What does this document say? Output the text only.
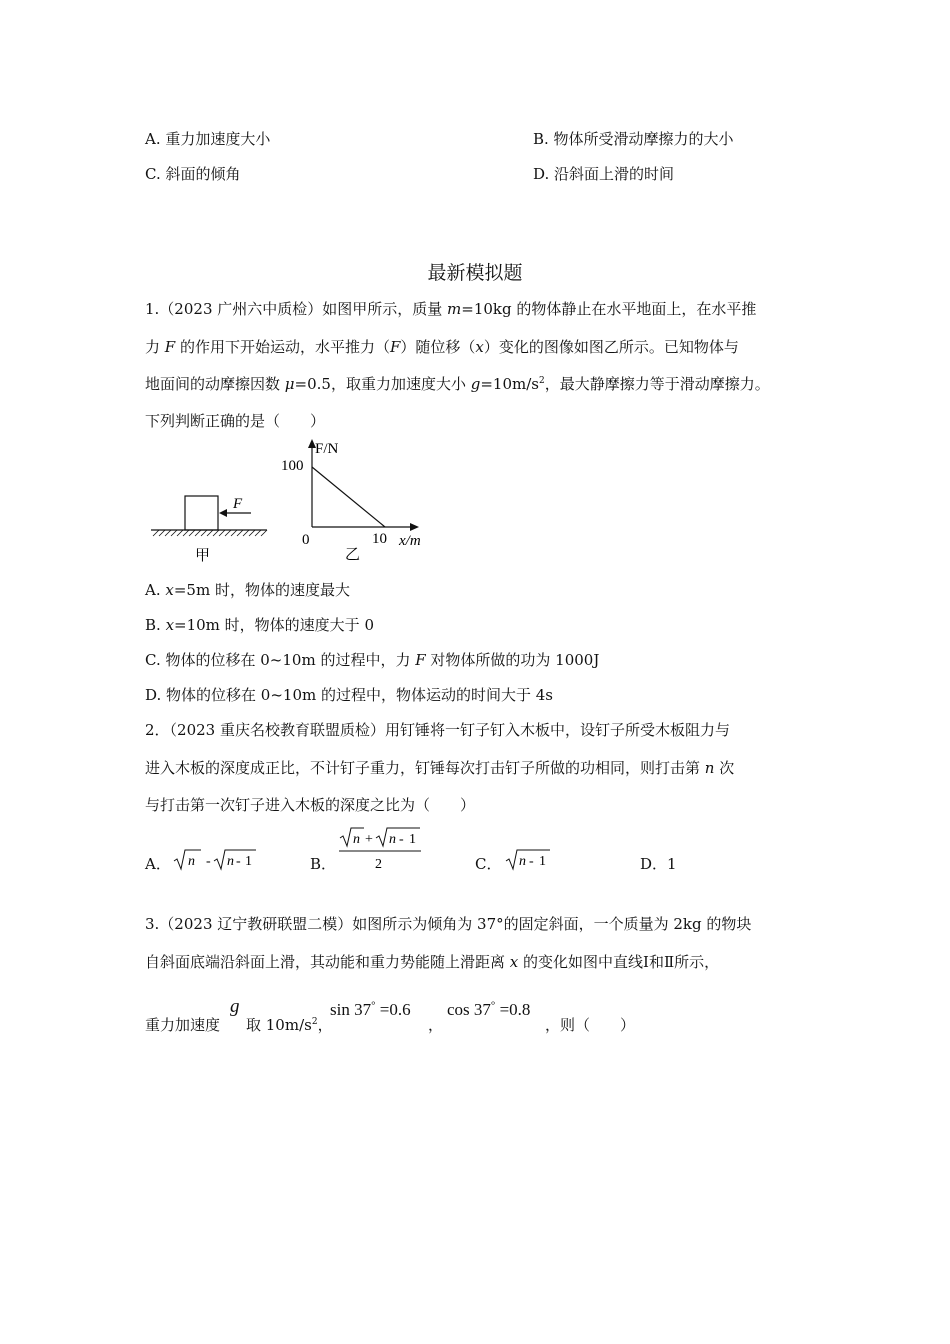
A. 重力加速度大小	B. 物体所受滑动摩擦力的大小
C. 斜面的倾角	D. 沿斜面上滑的时间
最新模拟题
1.（2023 广州六中质检）如图甲所示，质量 m=10kg 的物体静止在水平地面上，在水平推
力 F 的作用下开始运动，水平推力（F）随位移（x）变化的图像如图乙所示。已知物体与
地面间的动摩擦因数 μ=0.5，取重力加速度大小 $g=10m/s^2$，最大静摩擦力等于滑动摩擦力。
下列判断正确的是（　　）
F
甲
F/N
100
0	10 x/m
乙
A. x=5m 时，物体的速度最大
B. x=10m 时，物体的速度大于 0
C. 物体的位移在 0~10m 的过程中，力 F 对物体所做的功为 1000J
D. 物体的位移在 0~10m 的过程中，物体运动的时间大于 4s
2．（2023 重庆名校教育联盟质检）用钉锤将一钉子钉入木板中，设钉子所受木板阻力与
进入木板的深度成正比，不计钉子重力，钉锤每次打击钉子所做的功相同，则打击第 n 次
与打击第一次钉子进入木板的深度之比为（　　）
A． n - n - 1	B．
n + n - 1
2	C． n - 1	D．1
3.（2023 辽宁教研联盟二模）如图所示为倾角为 37°的固定斜面，一个质量为 2kg 的物块
自斜面底端沿斜面上滑，其动能和重力势能随上滑距离 x 的变化如图中直线Ⅰ和Ⅱ所示，
重力加速度
g
取 $10m/s^2$，
sin 37° =0.6
，
cos 37° =0.8
，则（　　）
